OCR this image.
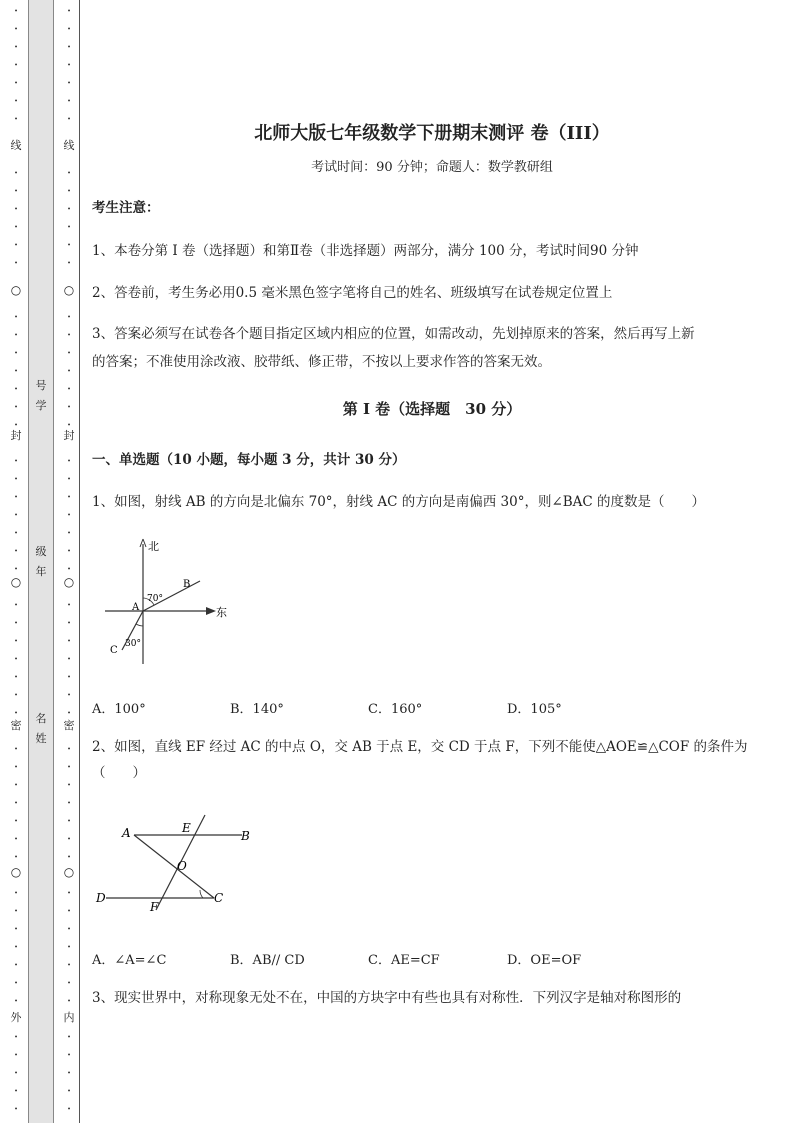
•
•
•
•
•
•
•
•
•
•
•
•
•
•
•
•
•
•
•
•
•
•
•
•
•
•
•
•
•
•
•
•
•
•
•
•
•
•
•
•
•
•
•
•
•
•
•
•
•
•
•
•
•
线
○
封
○
密
○
外
号
学
级
年
名
姓
•
•
•
•
•
•
•
•
•
•
•
•
•
•
•
•
•
•
•
•
•
•
•
•
•
•
•
•
•
•
•
•
•
•
•
•
•
•
•
•
•
•
•
•
•
•
•
•
•
•
•
•
•
线
○
封
○
密
○
内
北师大版七年级数学下册期末测评 卷（III）
考试时间：90 分钟；命题人：数学教研组
考生注意：
1、本卷分第 I 卷（选择题）和第Ⅱ卷（非选择题）两部分，满分 100 分，考试时间90 分钟
2、答卷前，考生务必用0.5 毫米黑色签字笔将自己的姓名、班级填写在试卷规定位置上
3、答案必须写在试卷各个题目指定区域内相应的位置，如需改动，先划掉原来的答案，然后再写上新
的答案；不准使用涂改液、胶带纸、修正带，不按以上要求作答的答案无效。
第 I 卷（选择题　30 分）
一、单选题（10 小题，每小题 3 分，共计 30 分）
1、如图，射线 AB 的方向是北偏东 70°，射线 AC 的方向是南偏西 30°，则∠BAC 的度数是（　　）
北
东
A
B
C
70°
30°
A．100°	B．140°	C．160°	D．105°
2、如图，直线 EF 经过 AC 的中点 O，交 AB 于点 E，交 CD 于点 F，下列不能使△AOE≌△COF 的条件为
（　　）
A	E
B
O
D
F
C
A．∠A=∠C	B．AB// CD	C．AE=CF	D．OE=OF
3、现实世界中，对称现象无处不在，中国的方块字中有些也具有对称性．下列汉字是轴对称图形的
